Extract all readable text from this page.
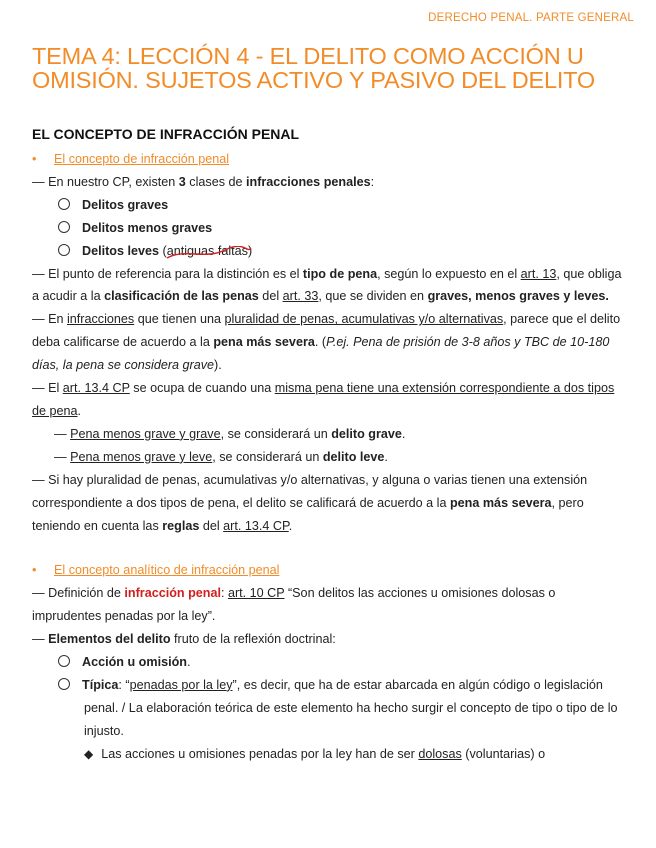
DERECHO PENAL. PARTE GENERAL
TEMA 4: LECCIÓN 4 - EL DELITO COMO ACCIÓN U OMISIÓN. SUJETOS ACTIVO Y PASIVO DEL DELITO
EL CONCEPTO DE INFRACCIÓN PENAL

• El concepto de infracción penal

— En nuestro CP, existen 3 clases de infracciones penales:

Delitos graves

Delitos menos graves

Delitos leves (antiguas faltas
)

— El punto de referencia para la distinción es el tipo de pena, según lo expuesto en el art. 13, que obliga a acudir a la clasificación de las penas del art. 33, que se dividen en graves, menos graves y leves.

— En infracciones que tienen una pluralidad de penas, acumulativas y/o alternativas, parece que el delito deba calificarse de acuerdo a la pena más severa. (P.ej. Pena de prisión de 3-8 años y TBC de 10-180 días, la pena se considera grave).

— El art. 13.4 CP se ocupa de cuando una misma pena tiene una extensión correspondiente a dos tipos de pena.

— Pena menos grave y grave, se considerará un delito grave.

— Pena menos grave y leve, se considerará un delito leve.

— Si hay pluralidad de penas, acumulativas y/o alternativas, y alguna o varias tienen una extensión correspondiente a dos tipos de pena, el delito se calificará de acuerdo a la pena más severa, pero teniendo en cuenta las reglas del art. 13.4 CP.

• El concepto analítico de infracción penal

— Definición de infracción penal: art. 10 CP “Son delitos las acciones u omisiones dolosas o imprudentes penadas por la ley”.

— Elementos del delito fruto de la reflexión doctrinal:

Acción u omisión.

Típica: “penadas por la ley”, es decir, que ha de estar abarcada en algún código o legislación penal. / La elaboración teórica de este elemento ha hecho surgir el concepto de tipo o tipo de lo injusto.

◆ Las acciones u omisiones penadas por la ley han de ser dolosas (voluntarias) o
